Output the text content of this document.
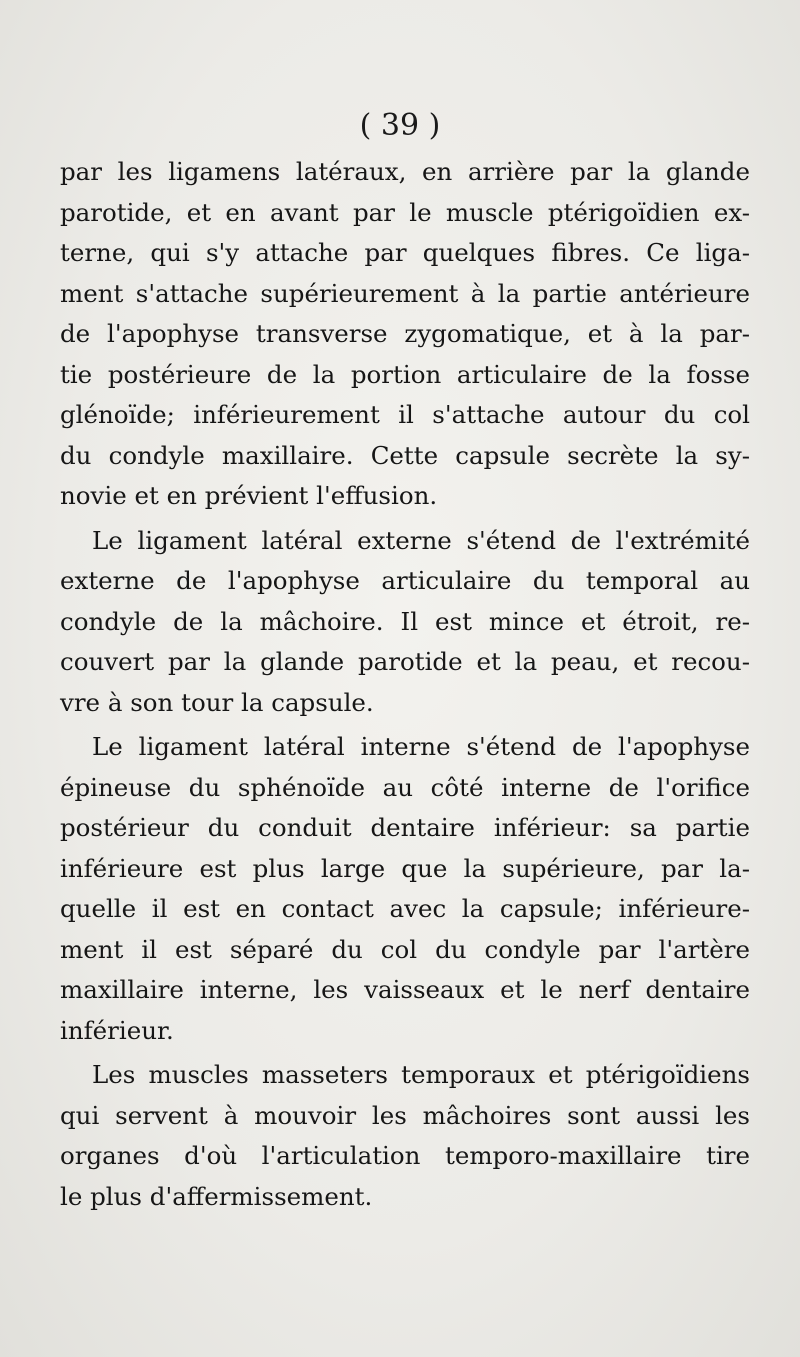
( 39 )
par les ligamens latéraux, en arrière par la glande
parotide, et en avant par le muscle ptérigoïdien ex-
terne, qui s'y attache par quelques fibres. Ce liga-
ment s'attache supérieurement à la partie antérieure
de l'apophyse transverse zygomatique, et à la par-
tie postérieure de la portion articulaire de la fosse
glénoïde; inférieurement il s'attache autour du col
du condyle maxillaire. Cette capsule secrète la sy-
novie et en prévient l'effusion.
Le ligament latéral externe s'étend de l'extrémité
externe de l'apophyse articulaire du temporal au
condyle de la mâchoire. Il est mince et étroit, re-
couvert par la glande parotide et la peau, et recou-
vre à son tour la capsule.
Le ligament latéral interne s'étend de l'apophyse
épineuse du sphénoïde au côté interne de l'orifice
postérieur du conduit dentaire inférieur: sa partie
inférieure est plus large que la supérieure, par la-
quelle il est en contact avec la capsule; inférieure-
ment il est séparé du col du condyle par l'artère
maxillaire interne, les vaisseaux et le nerf dentaire
inférieur.
Les muscles masseters temporaux et ptérigoïdiens
qui servent à mouvoir les mâchoires sont aussi les
organes d'où l'articulation temporo-maxillaire tire
le plus d'affermissement.
